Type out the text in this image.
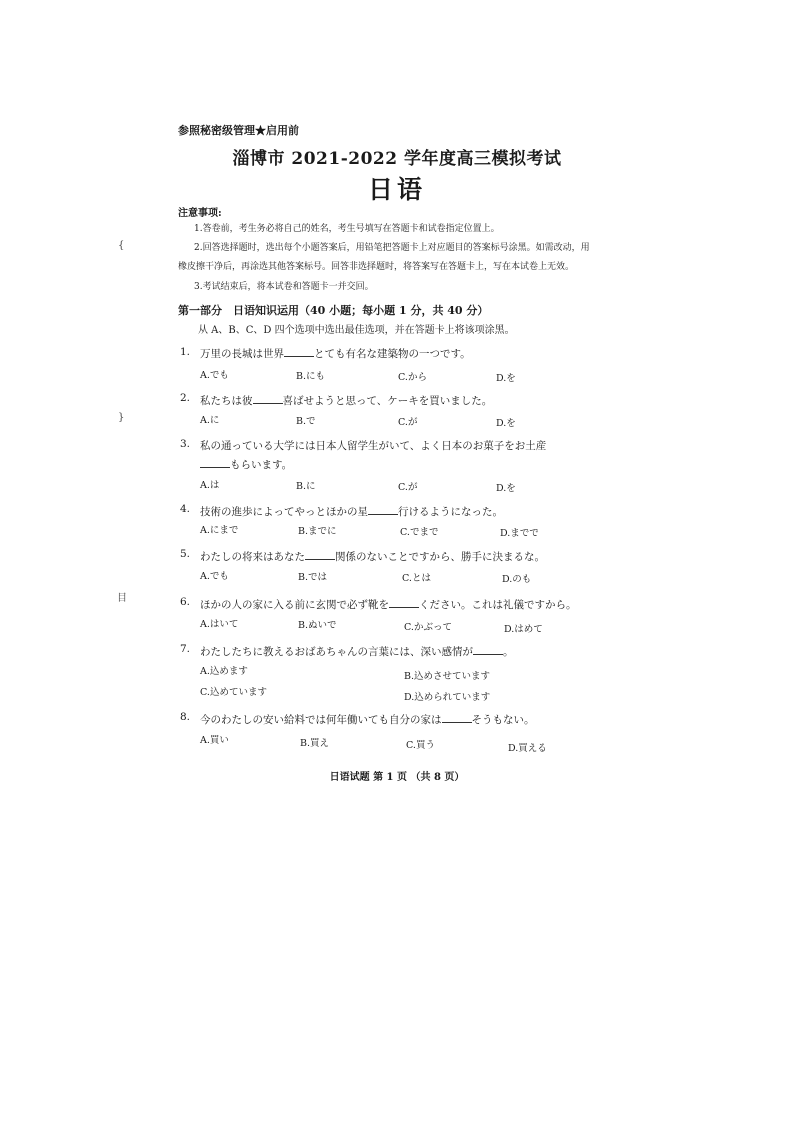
参照秘密级管理★启用前
淄博市 2021-2022 学年度高三模拟考试
日语
注意事项:
1.答卷前，考生务必将自己的姓名，考生号填写在答题卡和试卷指定位置上。
2.回答选择题时，选出每个小题答案后，用铅笔把答题卡上对应题目的答案标号涂黑。如需改动，用
橡皮擦干净后，再涂选其他答案标号。回答非选择题时，将答案写在答题卡上，写在本试卷上无效。
3.考试结束后，将本试卷和答题卡一并交回。
第一部分　日语知识运用（40 小题；每小题 1 分，共 40 分）
从 A、B、C、D 四个选项中选出最佳选项，并在答题卡上将该项涂黑。
1. 万里の長城は世界	とても有名な建築物の一つです。
A.でも	B.にも	C.から	D.を
2. 私たちは彼	喜ばせようと思って、ケーキを買いました。
A.に	B.で	C.が	D.を
3. 私の通っている大学には日本人留学生がいて、よく日本のお菓子をお土産
もらいます。
A.は	B.に	C.が	D.を
4. 技術の進歩によってやっとほかの星	行けるようになった。
A.にまで	B.までに	C.でまで	D.までで
5. わたしの将来はあなた	関係のないことですから、勝手に決まるな。
A.でも	B.では	C.とは	D.のも
6. ほかの人の家に入る前に玄関で必ず靴を	ください。これは礼儀ですから。
A.はいて	B.ぬいで	C.かぶって	D.はめて
7. わたしたちに教えるおばあちゃんの言葉には、深い感情が	。
A.込めます	B.込めさせています
C.込めています	D.込められています
8. 今のわたしの安い給料では何年働いても自分の家は	そうもない。
A.買い	B.買え	C.買う	D.買える
日语试题 第 1 页 （共 8 页）
{
}
目
